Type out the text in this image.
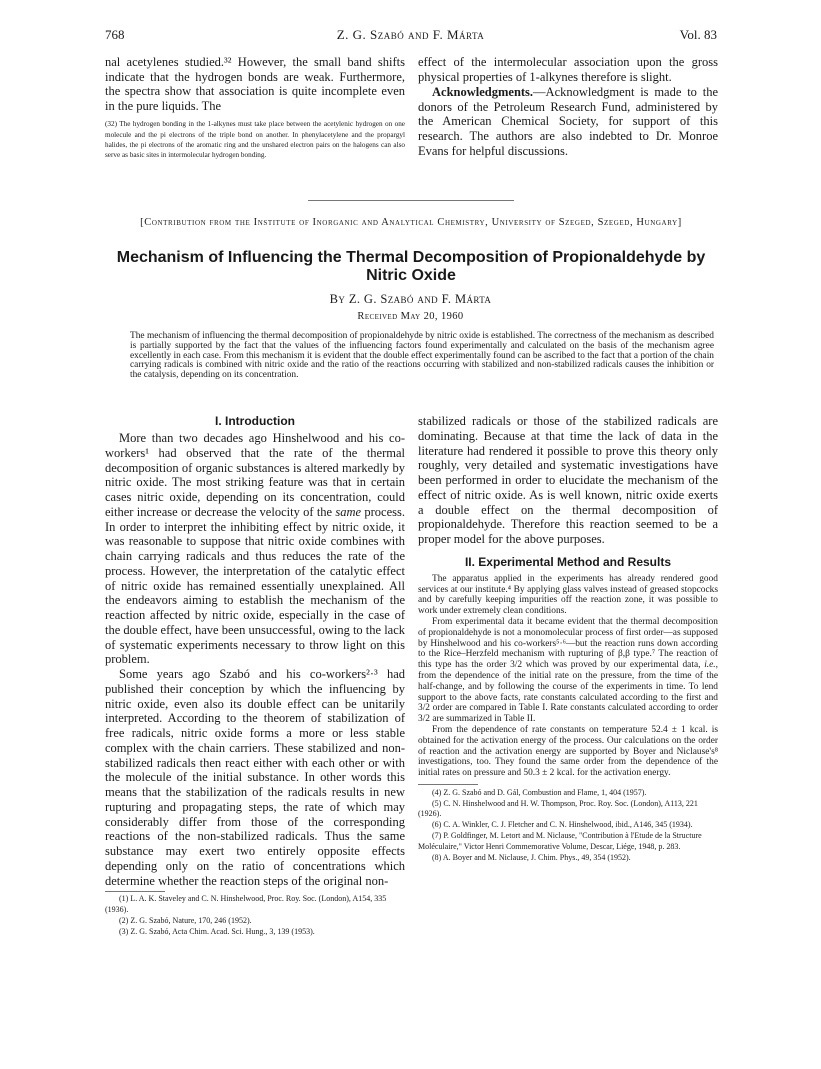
768	Z. G. Szabó and F. Márta	Vol. 83

nal acetylenes studied.³² However, the small band shifts indicate that the hydrogen bonds are weak. Furthermore, the spectra show that association is quite incomplete even in the pure liquids. The

(32) The hydrogen bonding in the 1-alkynes must take place between the acetylenic hydrogen on one molecule and the pi electrons of the triple bond on another. In phenylacetylene and the propargyl halides, the pi electrons of the aromatic ring and the unshared electron pairs on the halogens can also serve as basic sites in intermolecular hydrogen bonding.

effect of the intermolecular association upon the gross physical properties of 1-alkynes therefore is slight.

Acknowledgments.—Acknowledgment is made to the donors of the Petroleum Research Fund, administered by the American Chemical Society, for support of this research. The authors are also indebted to Dr. Monroe Evans for helpful discussions.

[Contribution from the Institute of Inorganic and Analytical Chemistry, University of Szeged, Szeged, Hungary]
Mechanism of Influencing the Thermal Decomposition of Propionaldehyde by Nitric Oxide
By Z. G. Szabó and F. Márta
Received May 20, 1960

The mechanism of influencing the thermal decomposition of propionaldehyde by nitric oxide is established. The correctness of the mechanism as described is partially supported by the fact that the values of the influencing factors found experimentally and calculated on the basis of the mechanism agree excellently in each case. From this mechanism it is evident that the double effect experimentally found can be ascribed to the fact that a portion of the chain carrying radicals is combined with nitric oxide and the ratio of the reactions occurring with stabilized and non-stabilized radicals causes the inhibition or the catalysis, depending on its concentration.

I. Introduction

More than two decades ago Hinshelwood and his co-workers¹ had observed that the rate of the thermal decomposition of organic substances is altered markedly by nitric oxide. The most striking feature was that in certain cases nitric oxide, depending on its concentration, could either increase or decrease the velocity of the same process. In order to interpret the inhibiting effect by nitric oxide, it was reasonable to suppose that nitric oxide combines with chain carrying radicals and thus reduces the rate of the process. However, the interpretation of the catalytic effect of nitric oxide has remained essentially unexplained. All the endeavors aiming to establish the mechanism of the reaction affected by nitric oxide, especially in the case of the double effect, have been unsuccessful, owing to the lack of systematic experiments necessary to throw light on this problem.

Some years ago Szabó and his co-workers²·³ had published their conception by which the influencing by nitric oxide, even also its double effect can be unitarily interpreted. According to the theorem of stabilization of free radicals, nitric oxide forms a more or less stable complex with the chain carriers. These stabilized and non-stabilized radicals then react either with each other or with the molecule of the initial substance. In other words this means that the stabilization of the radicals results in new rupturing and propagating steps, the rate of which may considerably differ from those of the corresponding reactions of the non-stabilized radicals. Thus the same substance may exert two entirely opposite effects depending only on the ratio of concentrations which determine whether the reaction steps of the original non-

(1) L. A. K. Staveley and C. N. Hinshelwood, Proc. Roy. Soc. (London), A154, 335 (1936).

(2) Z. G. Szabó, Nature, 170, 246 (1952).

(3) Z. G. Szabó, Acta Chim. Acad. Sci. Hung., 3, 139 (1953).

stabilized radicals or those of the stabilized radicals are dominating. Because at that time the lack of data in the literature had rendered it possible to prove this theory only roughly, very detailed and systematic investigations have been performed in order to elucidate the mechanism of the effect of nitric oxide. As is well known, nitric oxide exerts a double effect on the thermal decomposition of propionaldehyde. Therefore this reaction seemed to be a proper model for the above purposes.

II. Experimental Method and Results

The apparatus applied in the experiments has already rendered good services at our institute.⁴ By applying glass valves instead of greased stopcocks and by carefully keeping impurities off the reaction zone, it was possible to work under extremely clean conditions.

From experimental data it became evident that the thermal decomposition of propionaldehyde is not a monomolecular process of first order—as supposed by Hinshelwood and his co-workers⁵·⁶—but the reaction runs down according to the Rice–Herzfeld mechanism with rupturing of β,β type.⁷ The reaction of this type has the order 3/2 which was proved by our experimental data, i.e., from the dependence of the initial rate on the pressure, from the time of the half-change, and by following the course of the experiments in time. To lend support to the above facts, rate constants calculated according to the first and 3/2 order are compared in Table I. Rate constants calculated according to order 3/2 are summarized in Table II.

From the dependence of rate constants on temperature 52.4 ± 1 kcal. is obtained for the activation energy of the process. Our calculations on the order of reaction and the activation energy are supported by Boyer and Niclause's⁸ investigations, too. They found the same order from the dependence of the initial rates on pressure and 50.3 ± 2 kcal. for the activation energy.

(4) Z. G. Szabó and D. Gál, Combustion and Flame, 1, 404 (1957).

(5) C. N. Hinshelwood and H. W. Thompson, Proc. Roy. Soc. (London), A113, 221 (1926).

(6) C. A. Winkler, C. J. Fletcher and C. N. Hinshelwood, ibid., A146, 345 (1934).

(7) P. Goldfinger, M. Letort and M. Niclause, "Contribution à l'Etude de la Structure Moléculaire," Victor Henri Commemorative Volume, Descar, Liége, 1948, p. 283.

(8) A. Boyer and M. Niclause, J. Chim. Phys., 49, 354 (1952).
